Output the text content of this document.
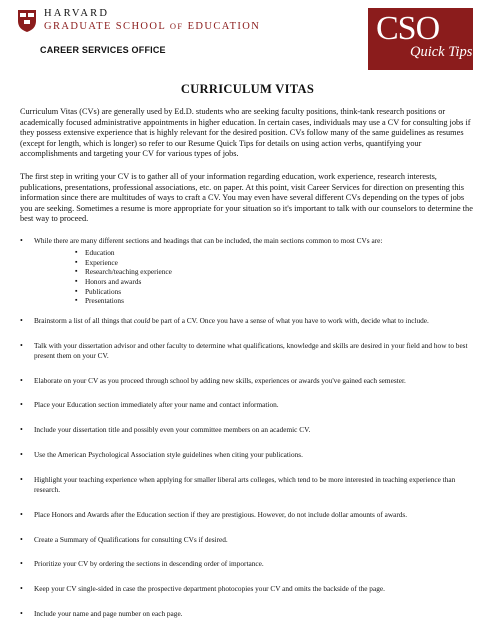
HARVARD
GRADUATE SCHOOL OF EDUCATION
CAREER SERVICES OFFICE
CSO
Quick Tips
CURRICULUM VITAS

Curriculum Vitas (CVs) are generally used by Ed.D. students who are seeking faculty positions, think-tank research positions or academically focused administrative appointments in higher education. In certain cases, individuals may use a CV for consulting jobs if they possess extensive experience that is highly relevant for the desired position. CVs follow many of the same guidelines as resumes (except for length, which is longer) so refer to our Resume Quick Tips for details on using action verbs, quantifying your accomplishments and targeting your CV for various types of jobs.

The first step in writing your CV is to gather all of your information regarding education, work experience, research interests, publications, presentations, professional associations, etc. on paper. At this point, visit Career Services for direction on presenting this information since there are multitudes of ways to craft a CV. You may even have several different CVs depending on the types of jobs you are seeking. Sometimes a resume is more appropriate for your situation so it's important to talk with our counselors to determine the best way to proceed.

• While there are many different sections and headings that can be included, the main sections common to most CVs are:
▪ Education
▪ Experience
▪ Research/teaching experience
▪ Honors and awards
▪ Publications
▪ Presentations
• Brainstorm a list of all things that could be part of a CV. Once you have a sense of what you have to work with, decide what to include.
• Talk with your dissertation advisor and other faculty to determine what qualifications, knowledge and skills are desired in your field and how to best present them on your CV.
• Elaborate on your CV as you proceed through school by adding new skills, experiences or awards you've gained each semester.
• Place your Education section immediately after your name and contact information.
• Include your dissertation title and possibly even your committee members on an academic CV.
• Use the American Psychological Association style guidelines when citing your publications.
• Highlight your teaching experience when applying for smaller liberal arts colleges, which tend to be more interested in teaching experience than research.
• Place Honors and Awards after the Education section if they are prestigious. However, do not include dollar amounts of awards.
• Create a Summary of Qualifications for consulting CVs if desired.
• Prioritize your CV by ordering the sections in descending order of importance.
• Keep your CV single-sided in case the prospective department photocopies your CV and omits the backside of the page.
• Include your name and page number on each page.
